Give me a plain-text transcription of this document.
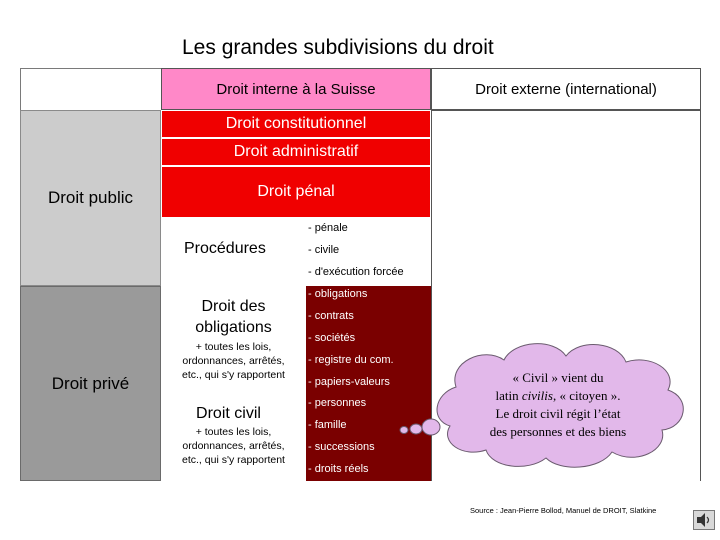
Les grandes subdivisions du droit
Droit interne à la Suisse	Droit externe (international)
Droit public
Droit privé
Droit constitutionnel
Droit administratif
Droit pénal
Procédures
- pénale
- civile
- d'exécution forcée
Droit des
obligations
+ toutes les lois,
ordonnances, arrêtés,
etc., qui s'y rapportent
Droit civil
+ toutes les lois,
ordonnances, arrêtés,
etc., qui s'y rapportent
- obligations
- contrats
- sociétés
- registre du com.
- papiers-valeurs
- personnes
- famille
- successions
- droits réels
« Civil » vient du
latin civilis, « citoyen ».
Le droit civil régit l’état
des personnes et des biens
Source : Jean-Pierre Bollod, Manuel de DROIT, Slatkine
